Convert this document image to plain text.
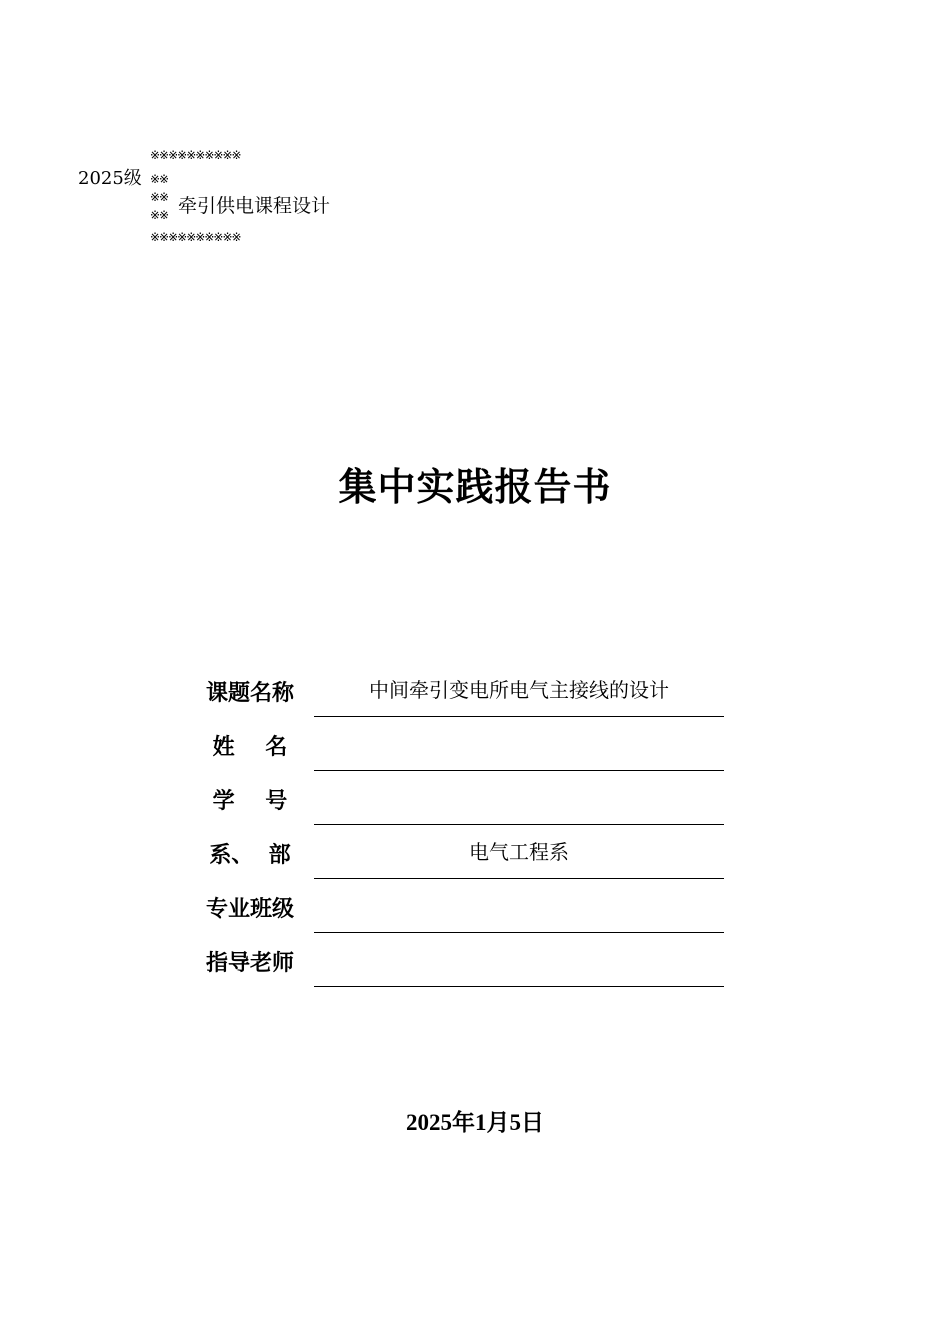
※※※※※※※※※※
※※
2025级
※※ 牵引供电课程设计
※※
※※※※※※※※※※
集中实践报告书
课题名称	中间牵引变电所电气主接线的设计
姓    名
学    号
系、  部	电气工程系
专业班级
指导老师
2025年1月5日
